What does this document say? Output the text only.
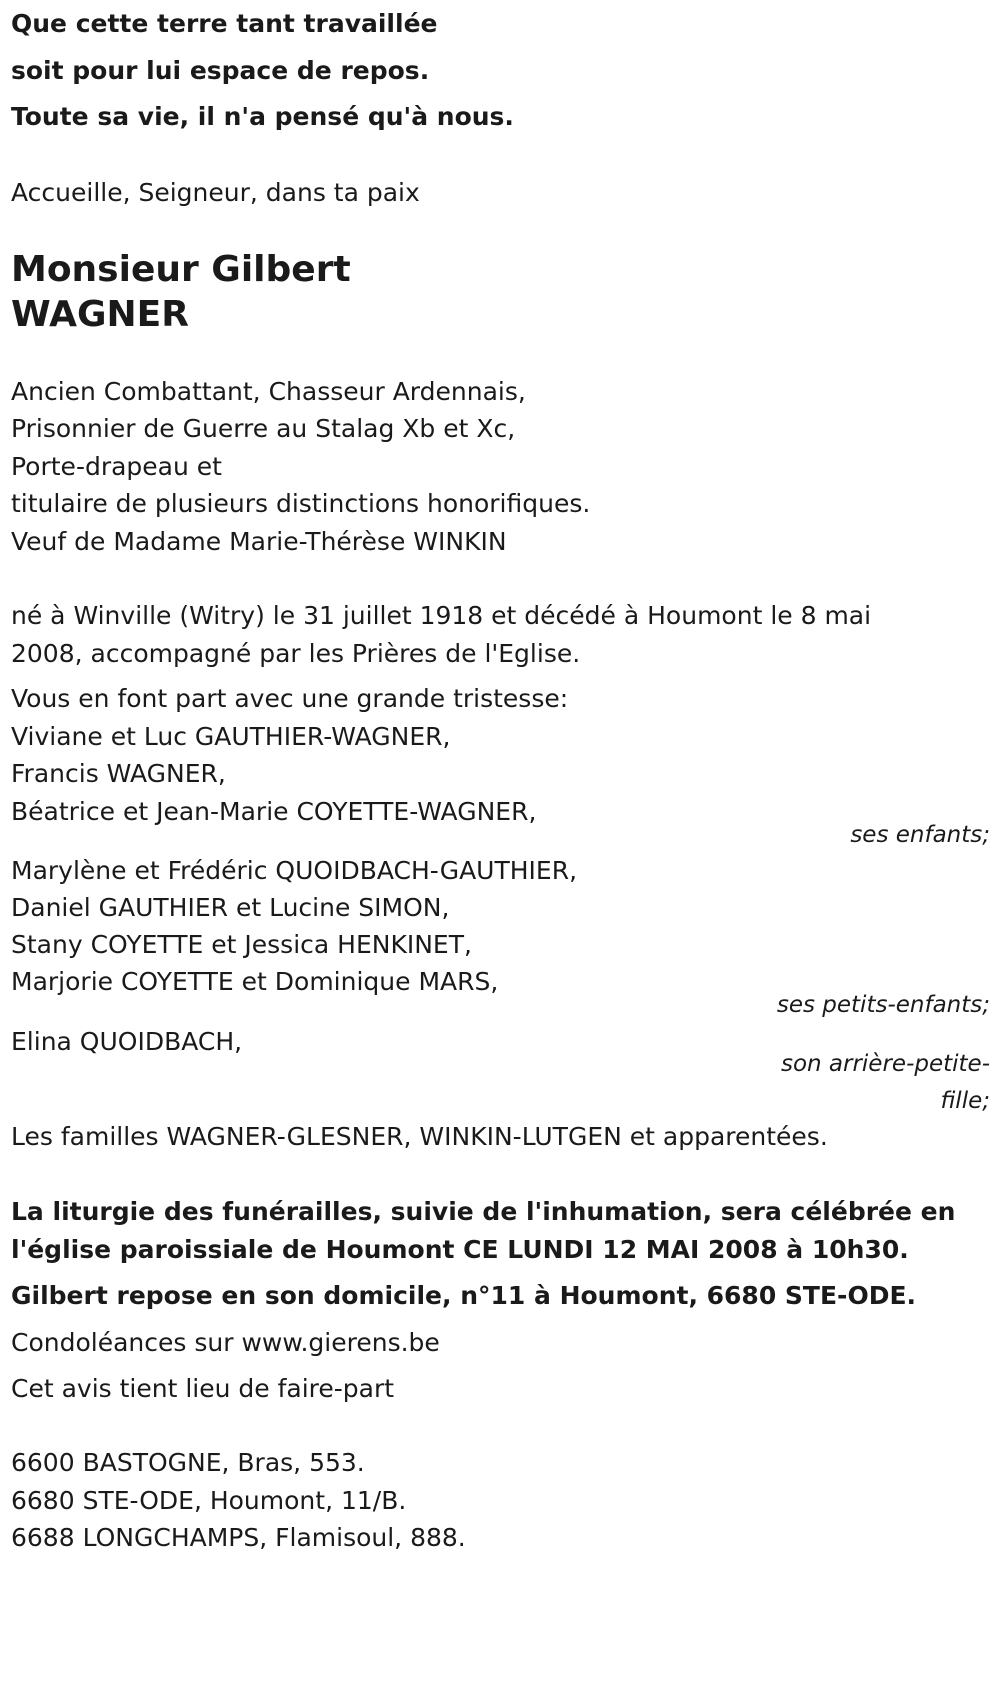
Que cette terre tant travaillée
soit pour lui espace de repos.
Toute sa vie, il n'a pensé qu'à nous.
Accueille, Seigneur, dans ta paix
Monsieur Gilbert
WAGNER
Ancien Combattant, Chasseur Ardennais,
Prisonnier de Guerre au Stalag Xb et Xc,
Porte-drapeau et
titulaire de plusieurs distinctions honorifiques.
Veuf de Madame Marie-Thérèse WINKIN
né à Winville (Witry) le 31 juillet 1918 et décédé à Houmont le 8 mai
2008, accompagné par les Prières de l'Eglise.
Vous en font part avec une grande tristesse:
Viviane et Luc GAUTHIER-WAGNER,
Francis WAGNER,
Béatrice et Jean-Marie COYETTE-WAGNER,
ses enfants;
Marylène et Frédéric QUOIDBACH-GAUTHIER,
Daniel GAUTHIER et Lucine SIMON,
Stany COYETTE et Jessica HENKINET,
Marjorie COYETTE et Dominique MARS,
ses petits-enfants;
Elina QUOIDBACH,
son arrière-petite-
fille;
Les familles WAGNER-GLESNER, WINKIN-LUTGEN et apparentées.
La liturgie des funérailles, suivie de l'inhumation, sera célébrée en
l'église paroissiale de Houmont CE LUNDI 12 MAI 2008 à 10h30.
Gilbert repose en son domicile, n°11 à Houmont, 6680 STE-ODE.
Condoléances sur www.gierens.be
Cet avis tient lieu de faire-part
6600 BASTOGNE, Bras, 553.
6680 STE-ODE, Houmont, 11/B.
6688 LONGCHAMPS, Flamisoul, 888.
